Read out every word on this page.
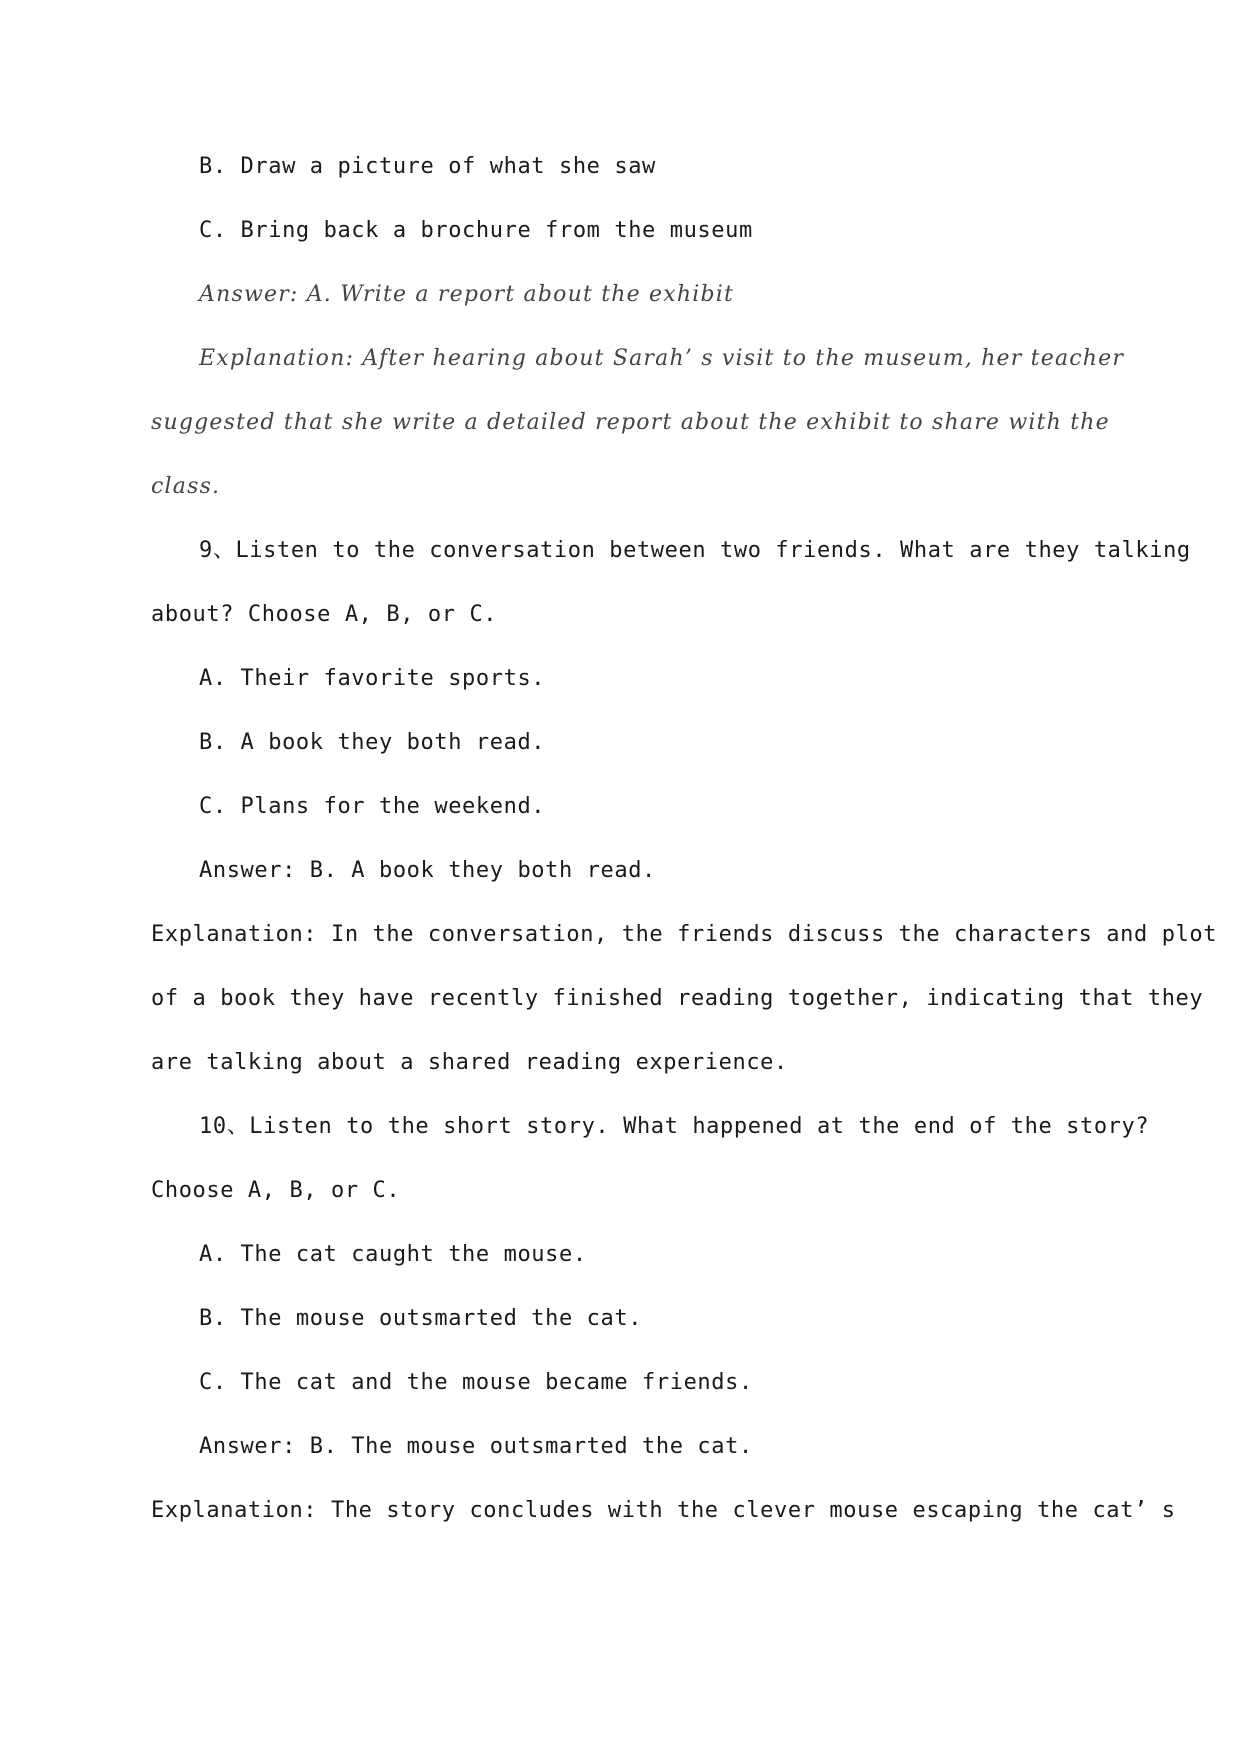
B. Draw a picture of what she saw
C. Bring back a brochure from the museum
Answer: A. Write a report about the exhibit
Explanation: After hearing about Sarah’ s visit to the museum, her teacher
suggested that she write a detailed report about the exhibit to share with the
class.
9、Listen to the conversation between two friends. What are they talking
about? Choose A, B, or C.
A. Their favorite sports.
B. A book they both read.
C. Plans for the weekend.
Answer: B. A book they both read.
Explanation: In the conversation, the friends discuss the characters and plot
of a book they have recently finished reading together, indicating that they
are talking about a shared reading experience.
10、Listen to the short story. What happened at the end of the story?
Choose A, B, or C.
A. The cat caught the mouse.
B. The mouse outsmarted the cat.
C. The cat and the mouse became friends.
Answer: B. The mouse outsmarted the cat.
Explanation: The story concludes with the clever mouse escaping the cat’ s
